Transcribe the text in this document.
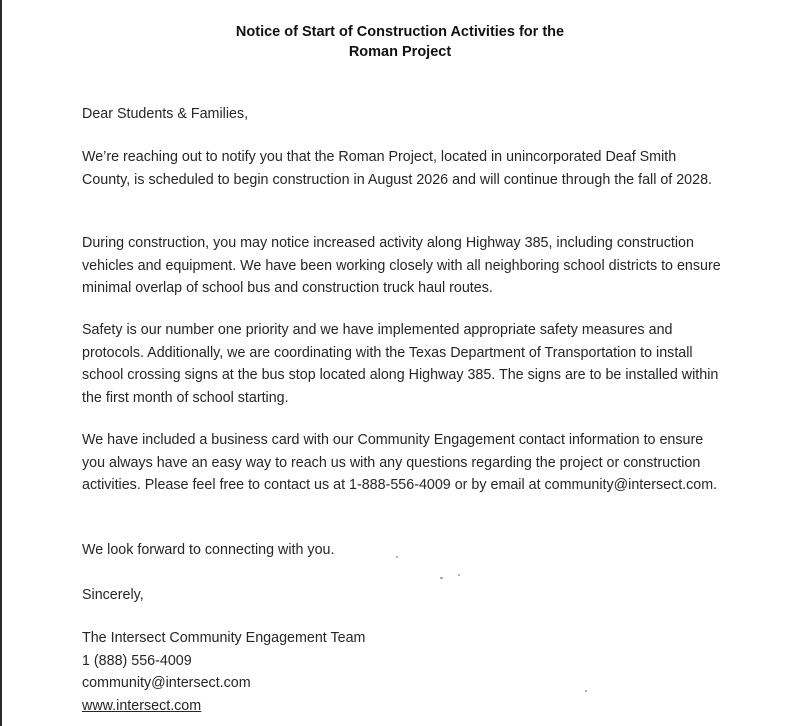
Notice of Start of Construction Activities for the
Roman Project

Dear Students & Families,

We’re reaching out to notify you that the Roman Project, located in unincorporated Deaf Smith County, is scheduled to begin construction in August 2026 and will continue through the fall of 2028.

During construction, you may notice increased activity along Highway 385, including construction vehicles and equipment. We have been working closely with all neighboring school districts to ensure minimal overlap of school bus and construction truck haul routes.

Safety is our number one priority and we have implemented appropriate safety measures and protocols. Additionally, we are coordinating with the Texas Department of Transportation to install school crossing signs at the bus stop located along Highway 385. The signs are to be installed within the first month of school starting.

We have included a business card with our Community Engagement contact information to ensure you always have an easy way to reach us with any questions regarding the project or construction activities. Please feel free to contact us at 1-888-556-4009 or by email at community@intersect.com.

We look forward to connecting with you.

Sincerely,

The Intersect Community Engagement Team
1 (888) 556-4009
community@intersect.com
www.intersect.com
